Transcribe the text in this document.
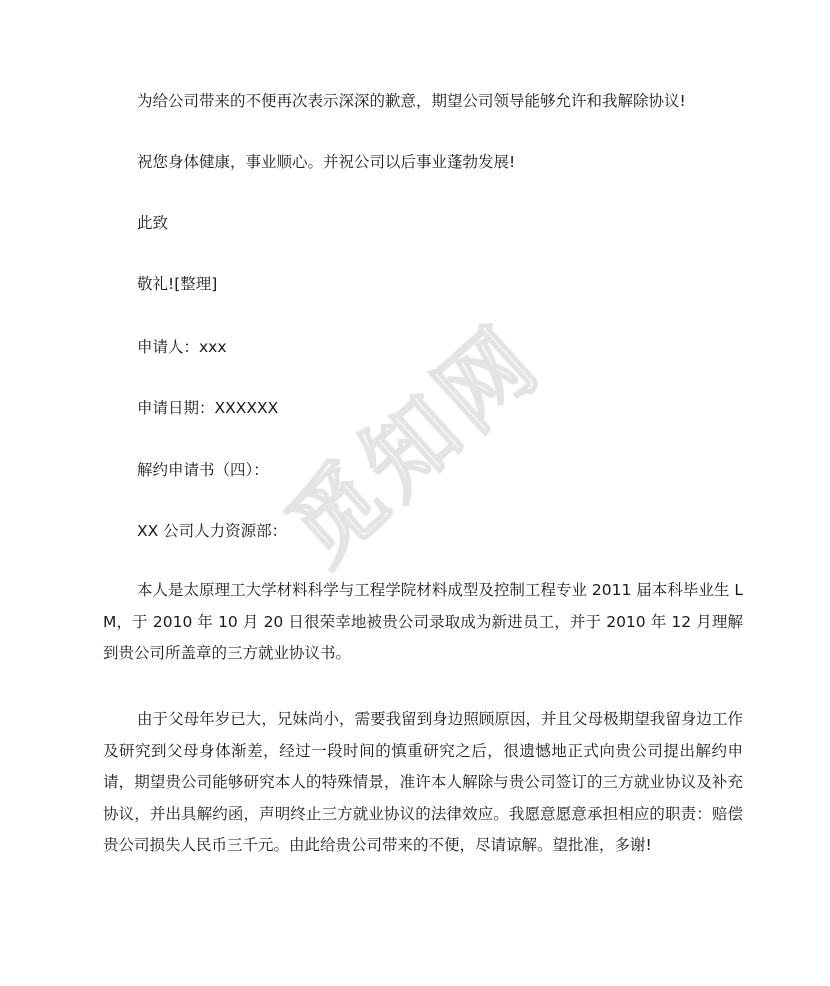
为给公司带来的不便再次表示深深的歉意，期望公司领导能够允许和我解除协议!
祝您身体健康，事业顺心。并祝公司以后事业蓬勃发展!
此致
敬礼![整理]
申请人：xxx
申请日期：XXXXXX
解约申请书（四）：
XX 公司人力资源部：
本人是太原理工大学材料科学与工程学院材料成型及控制工程专业 2011 届本科毕业生 LM，于 2010 年 10 月 20 日很荣幸地被贵公司录取成为新进员工，并于 2010 年 12 月理解到贵公司所盖章的三方就业协议书。
由于父母年岁已大，兄妹尚小，需要我留到身边照顾原因，并且父母极期望我留身边工作及研究到父母身体渐差，经过一段时间的慎重研究之后，很遗憾地正式向贵公司提出解约申请，期望贵公司能够研究本人的特殊情景，准许本人解除与贵公司签订的三方就业协议及补充协议，并出具解约函，声明终止三方就业协议的法律效应。我愿意愿意承担相应的职责：赔偿贵公司损失人民币三千元。由此给贵公司带来的不便，尽请谅解。望批准，多谢!
觅知网
